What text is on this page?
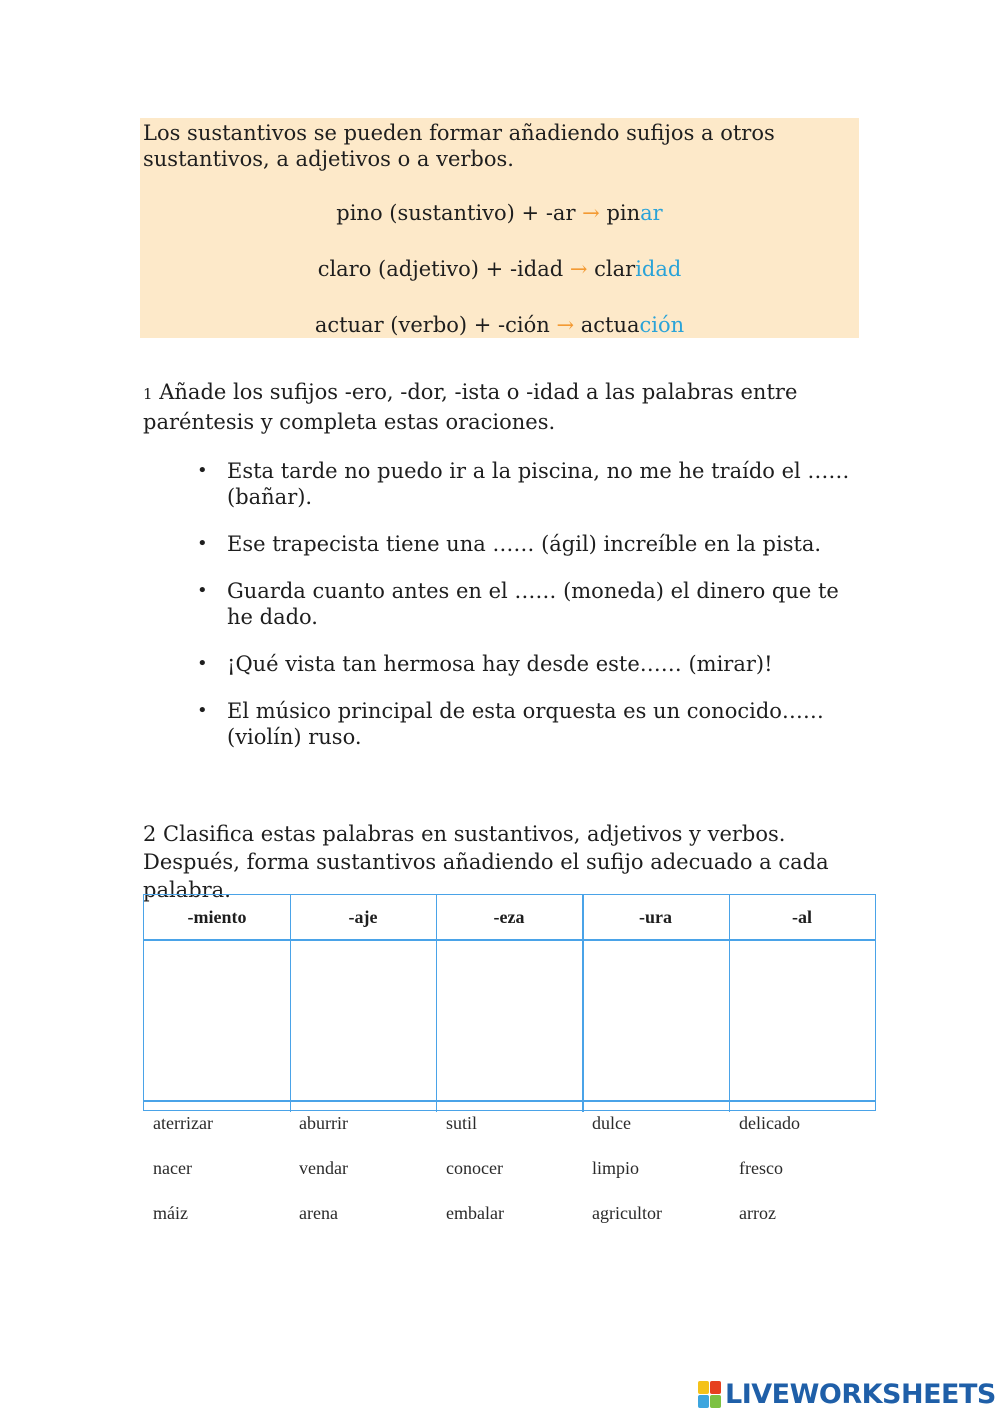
Los sustantivos se pueden formar añadiendo sufijos a otros sustantivos, a adjetivos o a verbos.
pino (sustantivo) + -ar → pinar
claro (adjetivo) + -idad → claridad
actuar (verbo) + -ción → actuación
1 Añade los sufijos -ero, -dor, -ista o -idad a las palabras entre paréntesis y completa estas oraciones.
• Esta tarde no puedo ir a la piscina, no me he traído el …… (bañar).
• Ese trapecista tiene una …… (ágil) increíble en la pista.
• Guarda cuanto antes en el …… (moneda) el dinero que te he dado.
• ¡Qué vista tan hermosa hay desde este…… (mirar)!
• El músico principal de esta orquesta es un conocido…… (violín) ruso.
2 Clasifica estas palabras en sustantivos, adjetivos y verbos. Después, forma sustantivos añadiendo el sufijo adecuado a cada palabra.
-miento	-aje	-eza	-ura	-al
aterrizar	aburrir	sutil	dulce	delicado
nacer	vendar	conocer	limpio	fresco
máiz	arena	embalar	agricultor	arroz
LIVEWORKSHEETS
